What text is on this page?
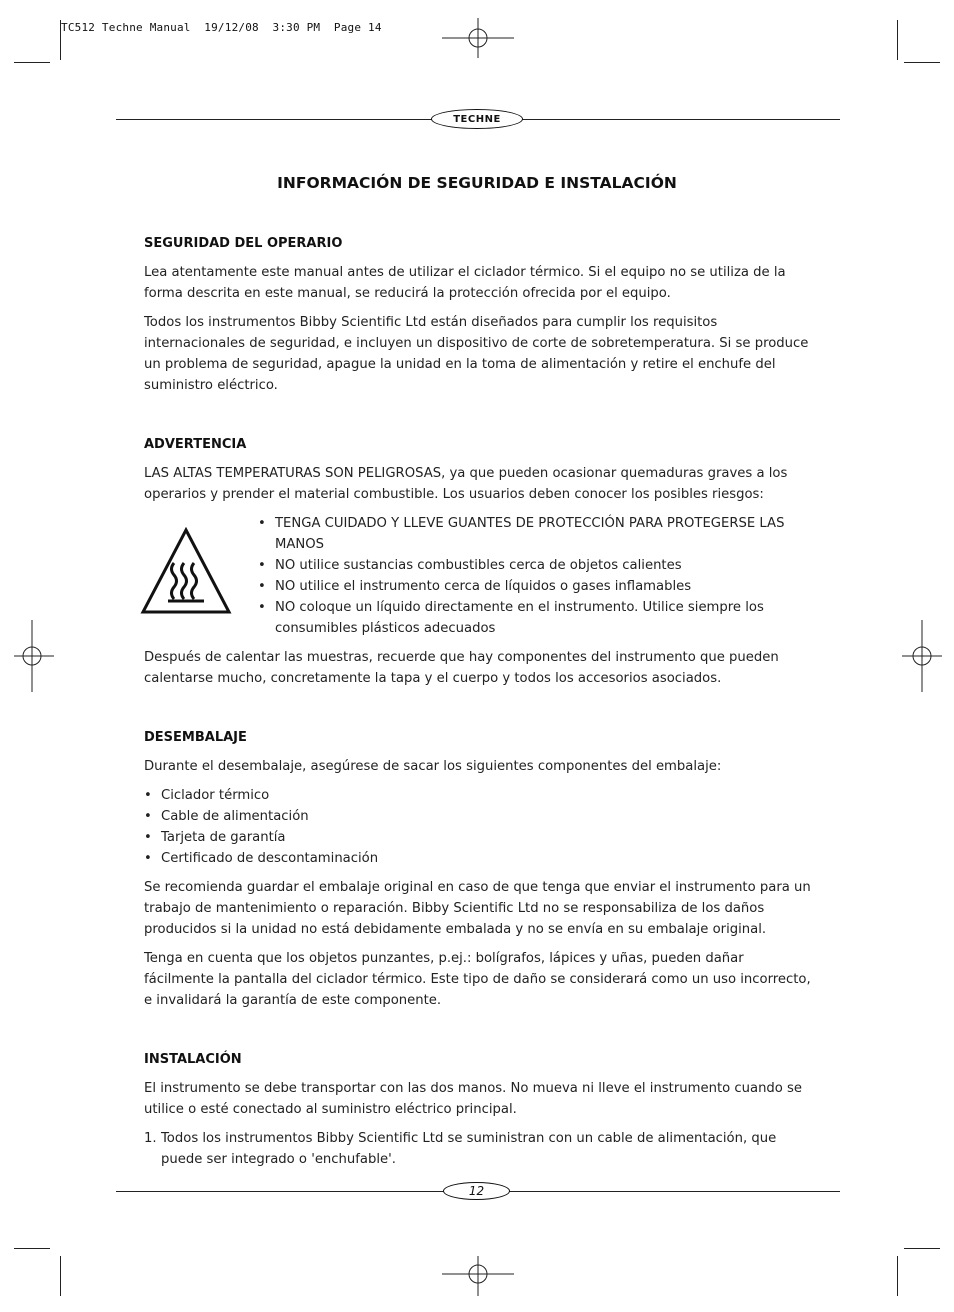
TC512 Techne Manual  19/12/08  3:30 PM  Page 14
TECHNE
INFORMACIÓN DE SEGURIDAD E INSTALACIÓN
SEGURIDAD DEL OPERARIO

Lea atentamente este manual antes de utilizar el ciclador térmico. Si el equipo no se utiliza de la forma descrita en este manual, se reducirá la protección ofrecida por el equipo.

Todos los instrumentos Bibby Scientific Ltd están diseñados para cumplir los requisitos internacionales de seguridad, e incluyen un dispositivo de corte de sobretemperatura. Si se produce un problema de seguridad, apague la unidad en la toma de alimentación y retire el enchufe del suministro eléctrico.

ADVERTENCIA

LAS ALTAS TEMPERATURAS SON PELIGROSAS, ya que pueden ocasionar quemaduras graves a los operarios y prender el material combustible. Los usuarios deben conocer los posibles riesgos:

• TENGA CUIDADO Y LLEVE GUANTES DE PROTECCIÓN PARA PROTEGERSE LAS MANOS
• NO utilice sustancias combustibles cerca de objetos calientes
• NO utilice el instrumento cerca de líquidos o gases inflamables
• NO coloque un líquido directamente en el instrumento. Utilice siempre los consumibles plásticos adecuados

Después de calentar las muestras, recuerde que hay componentes del instrumento que pueden calentarse mucho, concretamente la tapa y el cuerpo y todos los accesorios asociados.

DESEMBALAJE

Durante el desembalaje, asegúrese de sacar los siguientes componentes del embalaje:

• Ciclador térmico
• Cable de alimentación
• Tarjeta de garantía
• Certificado de descontaminación

Se recomienda guardar el embalaje original en caso de que tenga que enviar el instrumento para un trabajo de mantenimiento o reparación. Bibby Scientific Ltd no se responsabiliza de los daños producidos si la unidad no está debidamente embalada y no se envía en su embalaje original.

Tenga en cuenta que los objetos punzantes, p.ej.: bolígrafos, lápices y uñas, pueden dañar fácilmente la pantalla del ciclador térmico. Este tipo de daño se considerará como un uso incorrecto, e invalidará la garantía de este componente.

INSTALACIÓN

El instrumento se debe transportar con las dos manos. No mueva ni lleve el instrumento cuando se utilice o esté conectado al suministro eléctrico principal.

1. Todos los instrumentos Bibby Scientific Ltd se suministran con un cable de alimentación, que puede ser integrado o 'enchufable'.
12
